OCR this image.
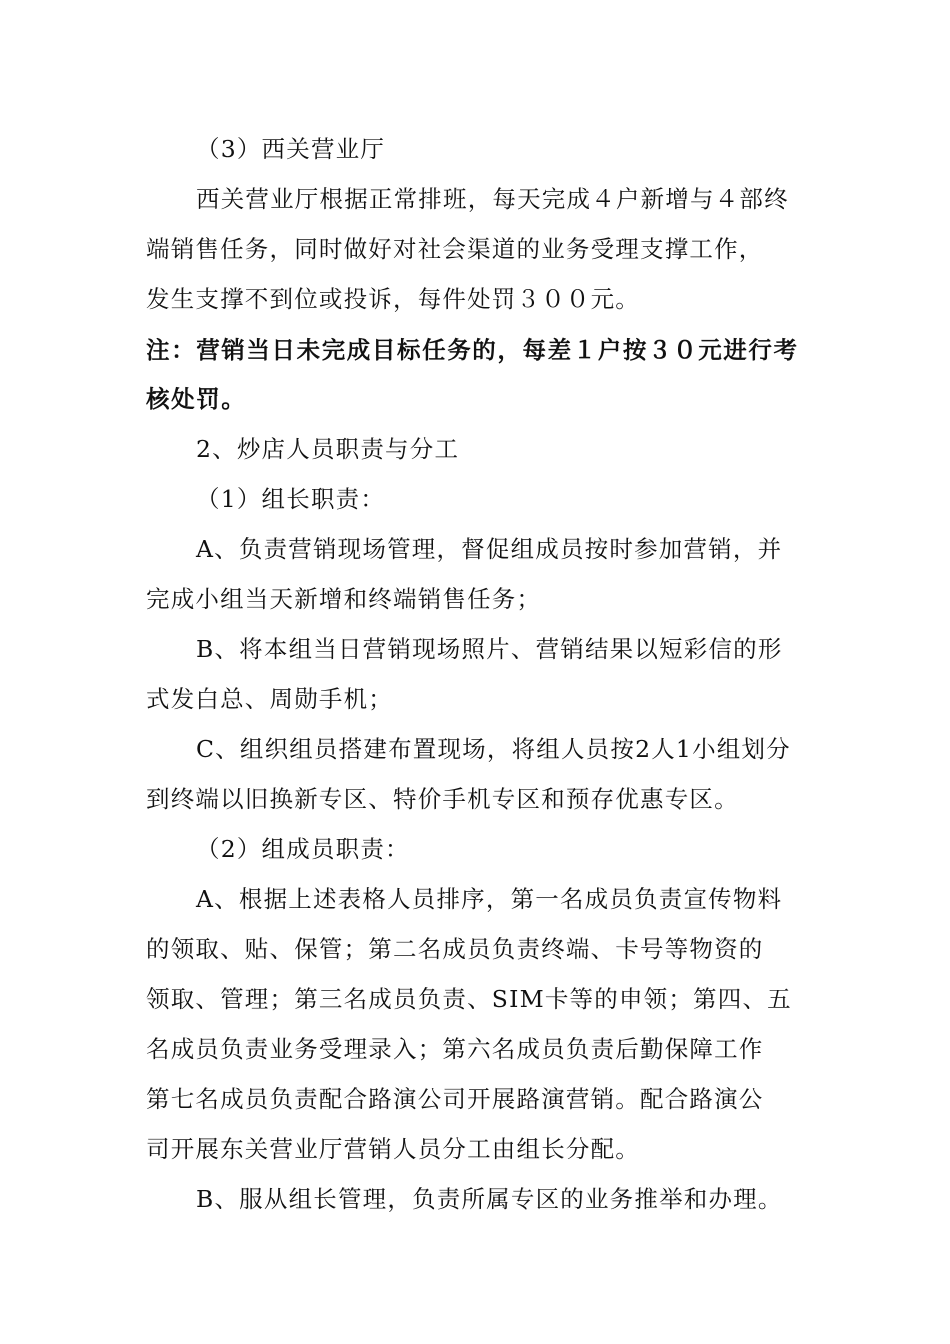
（3）西关营业厅
西关营业厅根据正常排班，每天完成４户新增与４部终
端销售任务，同时做好对社会渠道的业务受理支撑工作，
发生支撑不到位或投诉，每件处罚３００元。
注：营销当日未完成目标任务的，每差１户按３０元进行考
核处罚。
2、炒店人员职责与分工
（1）组长职责：
A、负责营销现场管理，督促组成员按时参加营销，并
完成小组当天新增和终端销售任务；
B、将本组当日营销现场照片、营销结果以短彩信的形
式发白总、周勋手机；
C、组织组员搭建布置现场，将组人员按2人1小组划分
到终端以旧换新专区、特价手机专区和预存优惠专区。
（2）组成员职责：
A、根据上述表格人员排序，第一名成员负责宣传物料
的领取、贴、保管；第二名成员负责终端、卡号等物资的
领取、管理；第三名成员负责、SIM卡等的申领；第四、五
名成员负责业务受理录入；第六名成员负责后勤保障工作
第七名成员负责配合路演公司开展路演营销。配合路演公
司开展东关营业厅营销人员分工由组长分配。
B、服从组长管理，负责所属专区的业务推举和办理。
